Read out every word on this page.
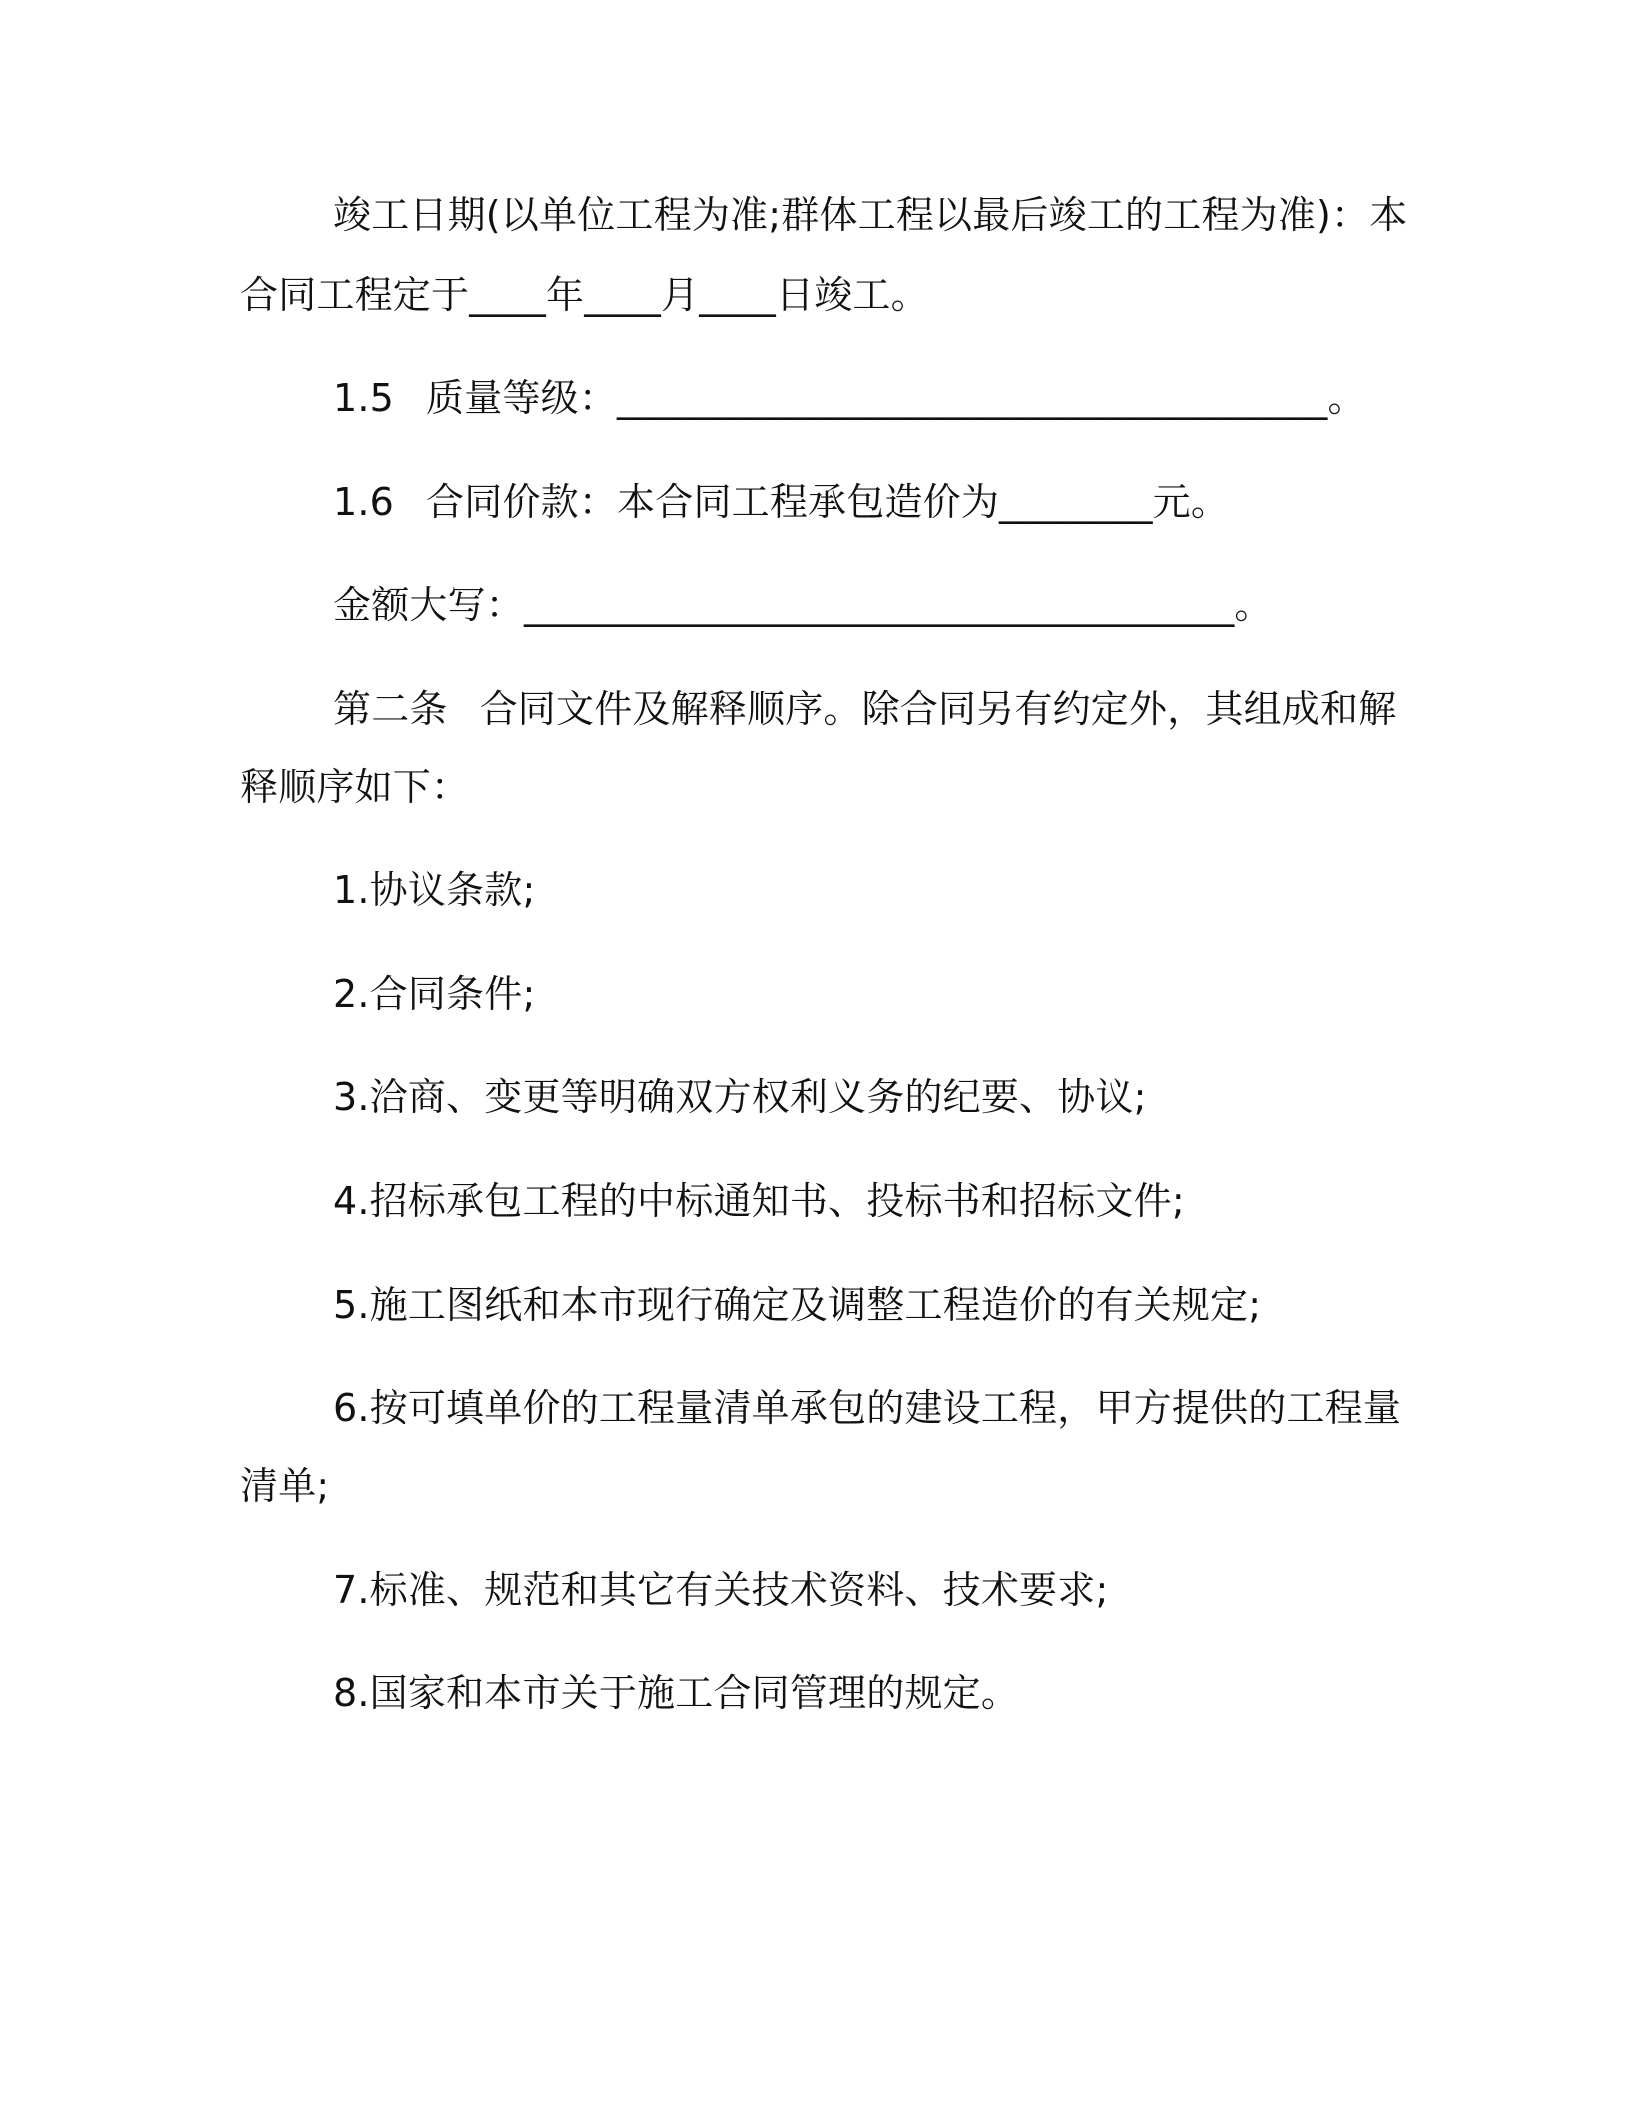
竣工日期(以单位工程为准;群体工程以最后竣工的工程为准)：本
合同工程定于____年____月____日竣工。
1.5 质量等级：_____________________________________。
1.6 合同价款：本合同工程承包造价为________元。
金额大写：_____________________________________。
第二条 合同文件及解释顺序。除合同另有约定外，其组成和解
释顺序如下：
1.协议条款;
2.合同条件;
3.洽商、变更等明确双方权利义务的纪要、协议;
4.招标承包工程的中标通知书、投标书和招标文件;
5.施工图纸和本市现行确定及调整工程造价的有关规定;
6.按可填单价的工程量清单承包的建设工程，甲方提供的工程量
清单;
7.标准、规范和其它有关技术资料、技术要求;
8.国家和本市关于施工合同管理的规定。
